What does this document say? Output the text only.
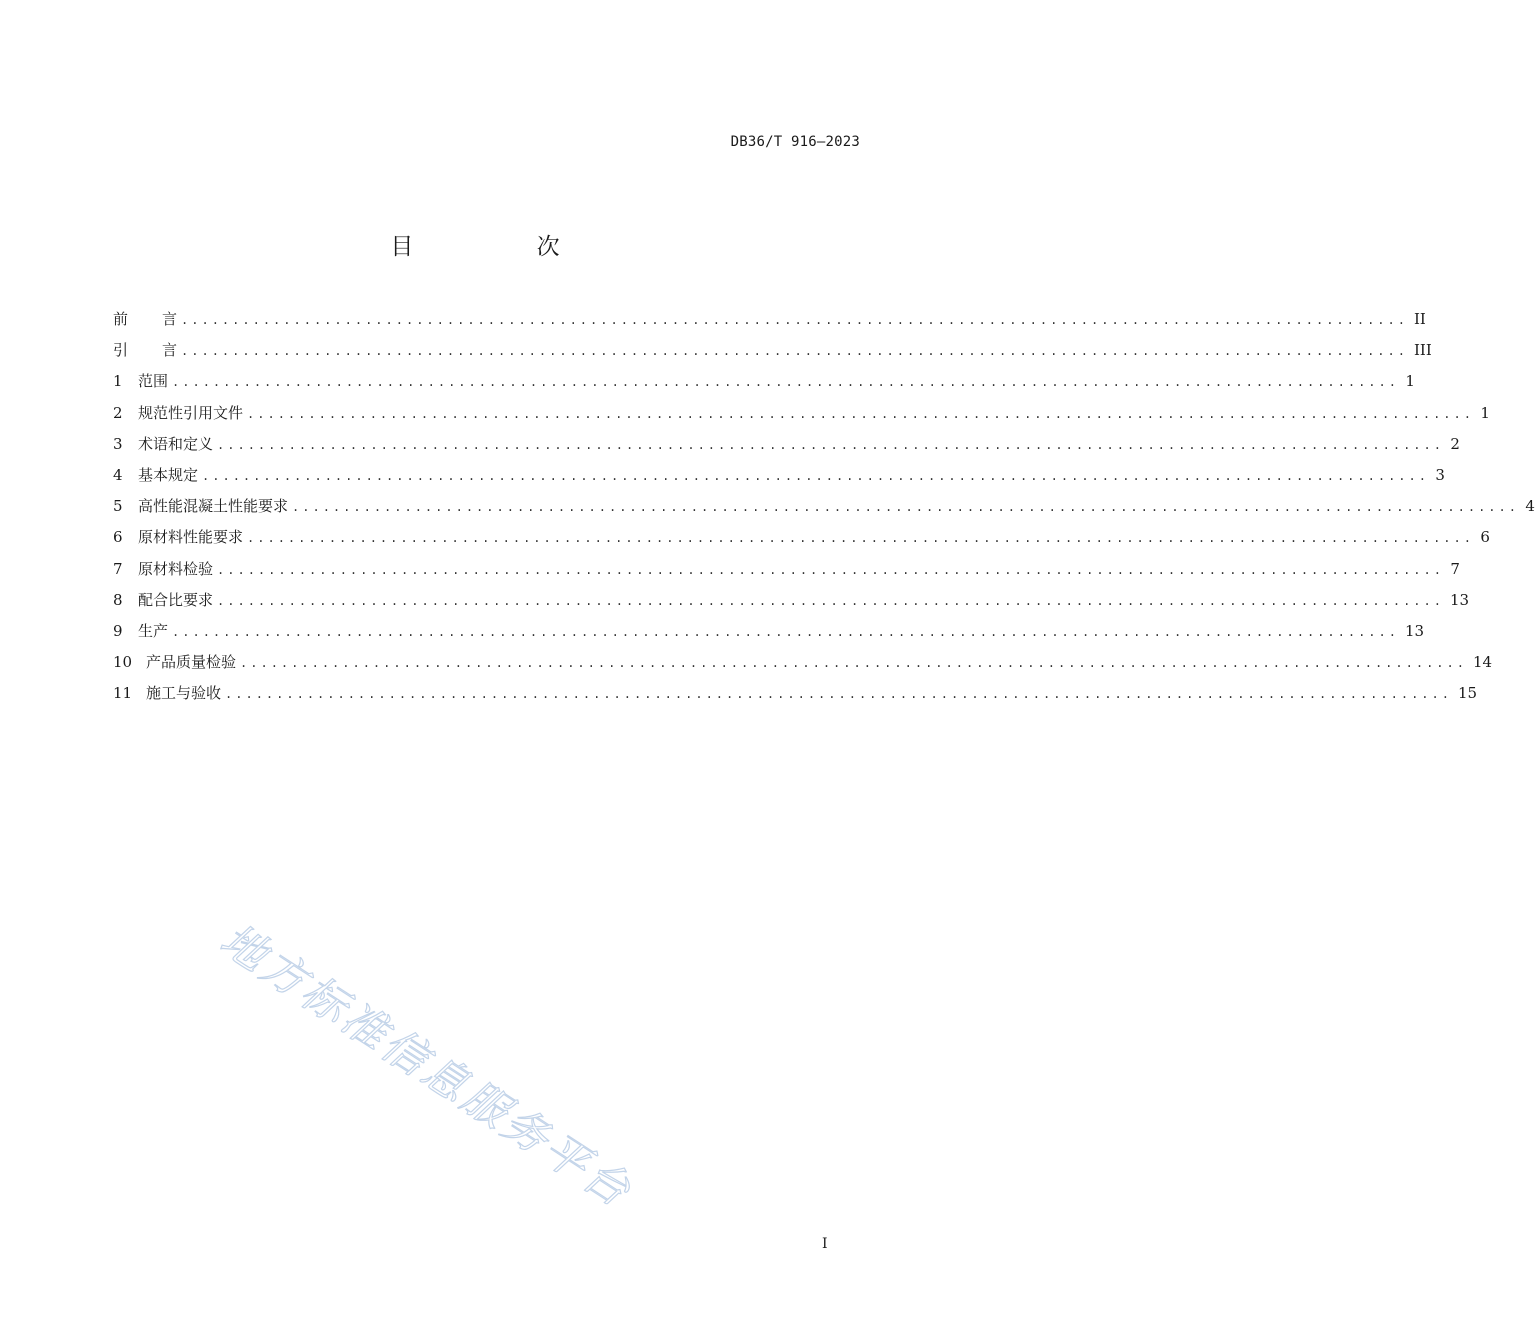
DB36/T 916—2023
目 次
前言 ........................................................................................................................ II
引言 ........................................................................................................................ III
1	范围 ........................................................................................................................ 1
2	规范性引用文件 ........................................................................................................................ 1
3	术语和定义 ........................................................................................................................ 2
4	基本规定 ........................................................................................................................ 3
5	高性能混凝土性能要求 ........................................................................................................................ 4
6	原材料性能要求 ........................................................................................................................ 6
7	原材料检验 ........................................................................................................................ 7
8	配合比要求 ........................................................................................................................ 13
9	生产 ........................................................................................................................ 13
10 产品质量检验 ........................................................................................................................ 14
11 施工与验收 ........................................................................................................................ 15
地方标准信息服务平台
I
